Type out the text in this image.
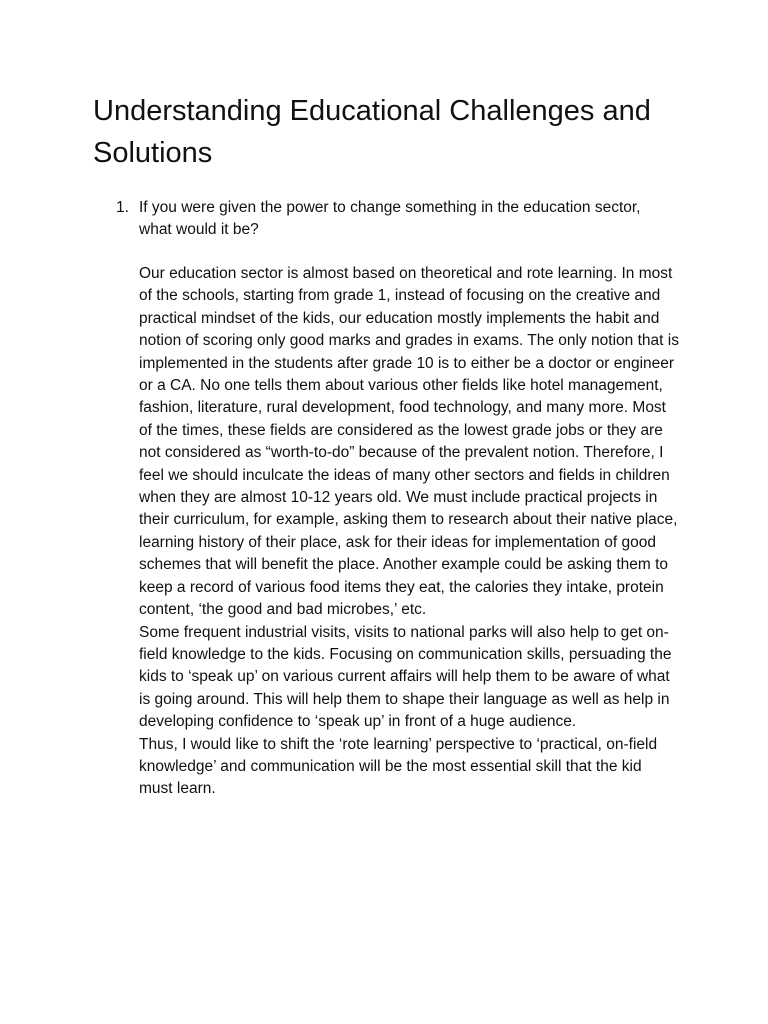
Understanding Educational Challenges and Solutions
1. If you were given the power to change something in the education sector, what would it be?

Our education sector is almost based on theoretical and rote learning. In most of the schools, starting from grade 1, instead of focusing on the creative and practical mindset of the kids, our education mostly implements the habit and notion of scoring only good marks and grades in exams. The only notion that is implemented in the students after grade 10 is to either be a doctor or engineer or a CA. No one tells them about various other fields like hotel management, fashion, literature, rural development, food technology, and many more. Most of the times, these fields are considered as the lowest grade jobs or they are not considered as “worth-to-do” because of the prevalent notion. Therefore, I feel we should inculcate the ideas of many other sectors and fields in children when they are almost 10-12 years old. We must include practical projects in their curriculum, for example, asking them to research about their native place, learning history of their place, ask for their ideas for implementation of good schemes that will benefit the place. Another example could be asking them to keep a record of various food items they eat, the calories they intake, protein content, ‘the good and bad microbes,’ etc.

Some frequent industrial visits, visits to national parks will also help to get on-field knowledge to the kids. Focusing on communication skills, persuading the kids to ‘speak up’ on various current affairs will help them to be aware of what is going around. This will help them to shape their language as well as help in developing confidence to ‘speak up’ in front of a huge audience.

Thus, I would like to shift the ‘rote learning’ perspective to ‘practical, on-field knowledge’ and communication will be the most essential skill that the kid must learn.
